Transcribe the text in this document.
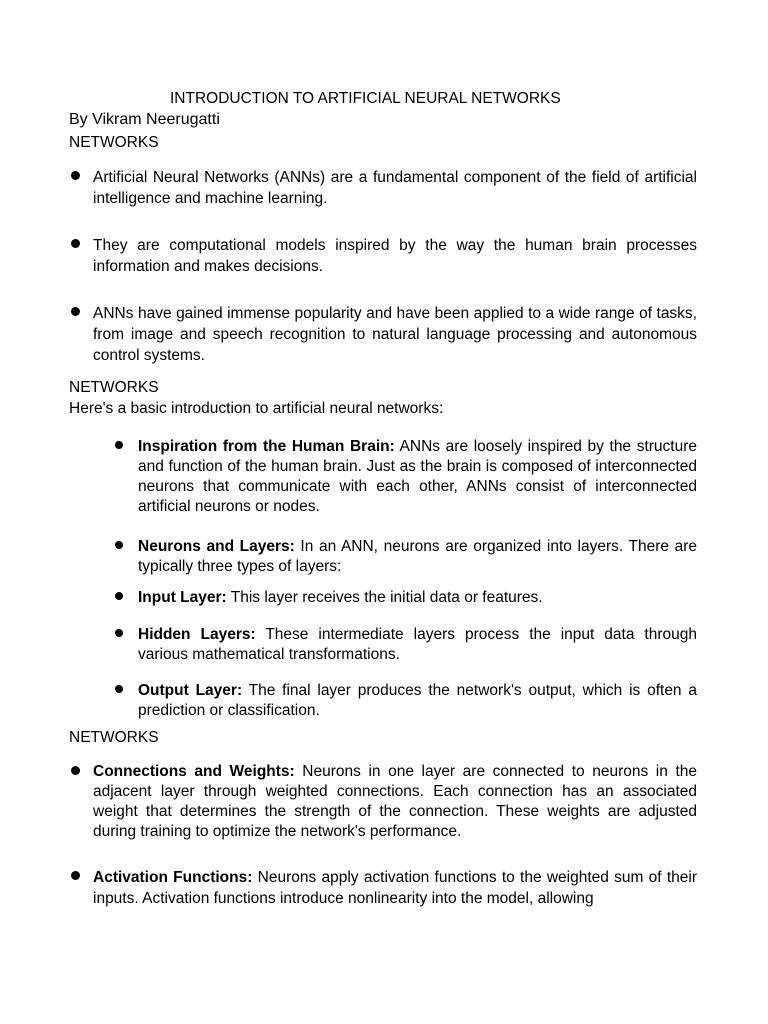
INTRODUCTION TO ARTIFICIAL NEURAL NETWORKS
By Vikram Neerugatti
NETWORKS
Artificial Neural Networks (ANNs) are a fundamental component of the field of artificial intelligence and machine learning.
They are computational models inspired by the way the human brain processes information and makes decisions.
ANNs have gained immense popularity and have been applied to a wide range of tasks, from image and speech recognition to natural language processing and autonomous control systems.
NETWORKS
Here's a basic introduction to artificial neural networks:
Inspiration from the Human Brain: ANNs are loosely inspired by the structure and function of the human brain. Just as the brain is composed of interconnected neurons that communicate with each other, ANNs consist of interconnected artificial neurons or nodes.
Neurons and Layers: In an ANN, neurons are organized into layers. There are typically three types of layers:
Input Layer: This layer receives the initial data or features.
Hidden Layers: These intermediate layers process the input data through various mathematical transformations.
Output Layer: The final layer produces the network's output, which is often a prediction or classification.
NETWORKS
Connections and Weights: Neurons in one layer are connected to neurons in the adjacent layer through weighted connections. Each connection has an associated weight that determines the strength of the connection. These weights are adjusted during training to optimize the network's performance.
Activation Functions: Neurons apply activation functions to the weighted sum of their inputs. Activation functions introduce nonlinearity into the model, allowing
